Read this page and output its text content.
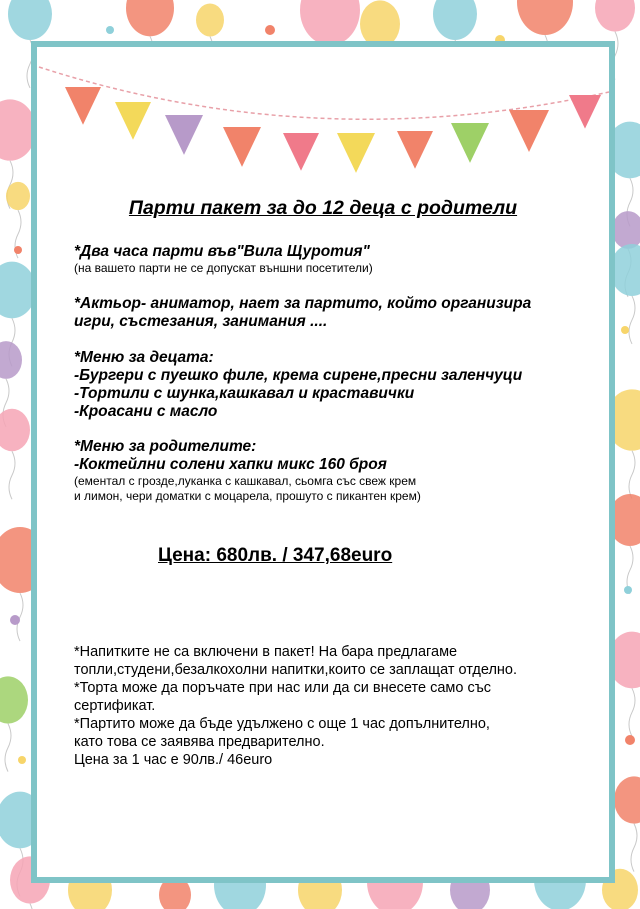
Парти пакет за до 12 деца с родители
*Два часа парти във"Вила Щуротия"
(на вашето парти не се допускат външни посетители)
*Актьор- аниматор, нает за партито, който организира
игри, състезания, занимания ....
*Меню за децата:
-Бургери с пуешко филе, крема сирене,пресни заленчуци
-Тортили с шунка,кашкавал и краставички
-Кроасани с масло
*Меню за родителите:
-Коктейлни солени хапки микс 160 броя
(ементал с грозде,луканка с кашкавал, сьомга със свеж крем
и лимон, чери доматки с моцарела, прошуто с пикантен крем)
Цена: 680лв. / 347,68euro
*Напитките не са включени в пакет! На бара предлагаме
топли,студени,безалкохолни напитки,които се заплащат отделно.
*Торта може да поръчате при нас или да си внесете само със
сертификат.
*Партито може да бъде удължено с още 1 час допълнително,
като това се заявява предварително.
Цена за 1 час е 90лв./ 46euro
